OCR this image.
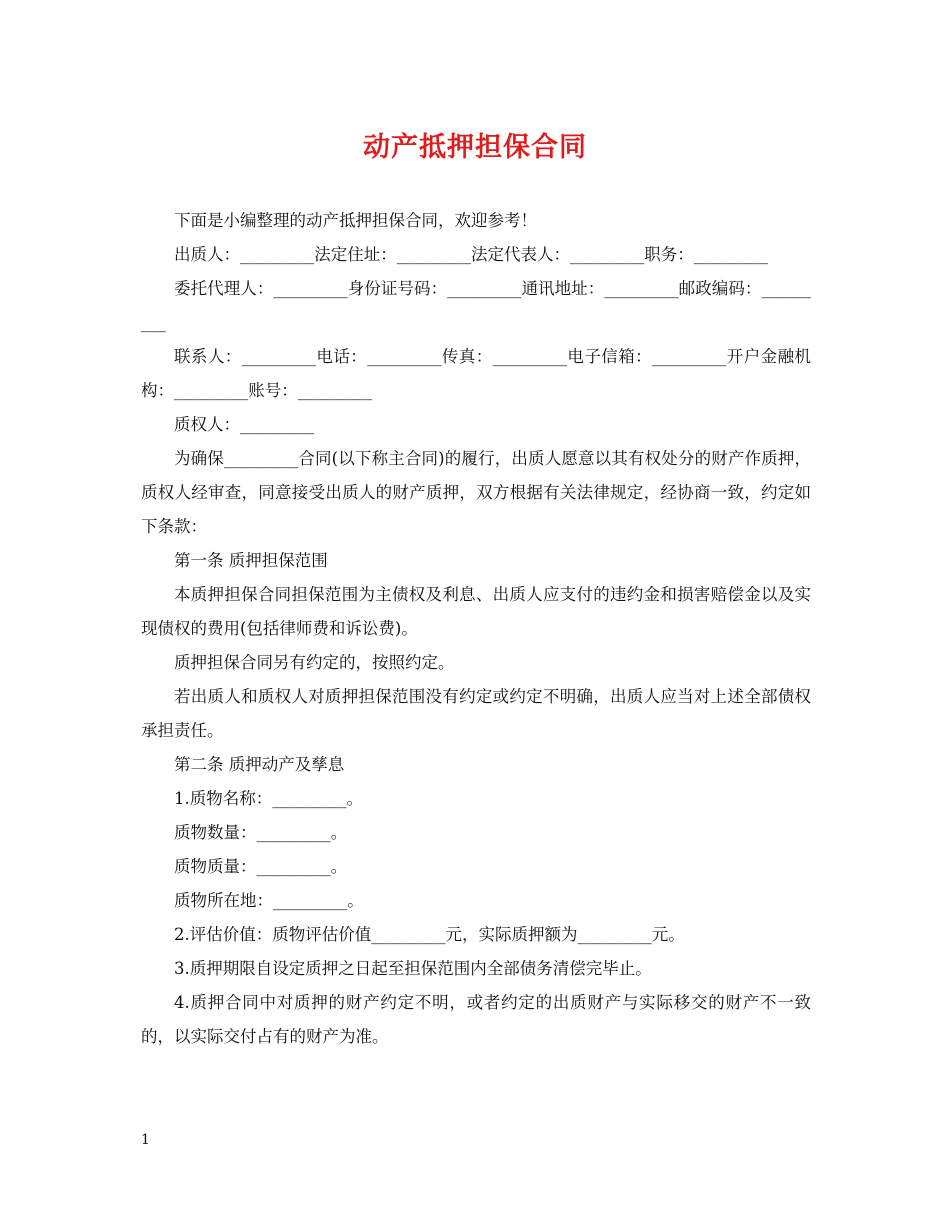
动产抵押担保合同

下面是小编整理的动产抵押担保合同，欢迎参考！

出质人：_________法定住址：_________法定代表人：_________职务：_________

委托代理人：_________身份证号码：_________通讯地址：_________邮政编码：_________

联系人：_________电话：_________传真：_________电子信箱：_________开户金融机构：_________账号：_________

质权人：_________

为确保_________合同(以下称主合同)的履行，出质人愿意以其有权处分的财产作质押，质权人经审查，同意接受出质人的财产质押，双方根据有关法律规定，经协商一致，约定如下条款：

第一条 质押担保范围

本质押担保合同担保范围为主债权及利息、出质人应支付的违约金和损害赔偿金以及实现债权的费用(包括律师费和诉讼费)。

质押担保合同另有约定的，按照约定。

若出质人和质权人对质押担保范围没有约定或约定不明确，出质人应当对上述全部债权承担责任。

第二条 质押动产及孳息

1.质物名称：_________。

质物数量：_________。

质物质量：_________。

质物所在地：_________。

2.评估价值：质物评估价值_________元，实际质押额为_________元。

3.质押期限自设定质押之日起至担保范围内全部债务清偿完毕止。

4.质押合同中对质押的财产约定不明，或者约定的出质财产与实际移交的财产不一致的，以实际交付占有的财产为准。

1
